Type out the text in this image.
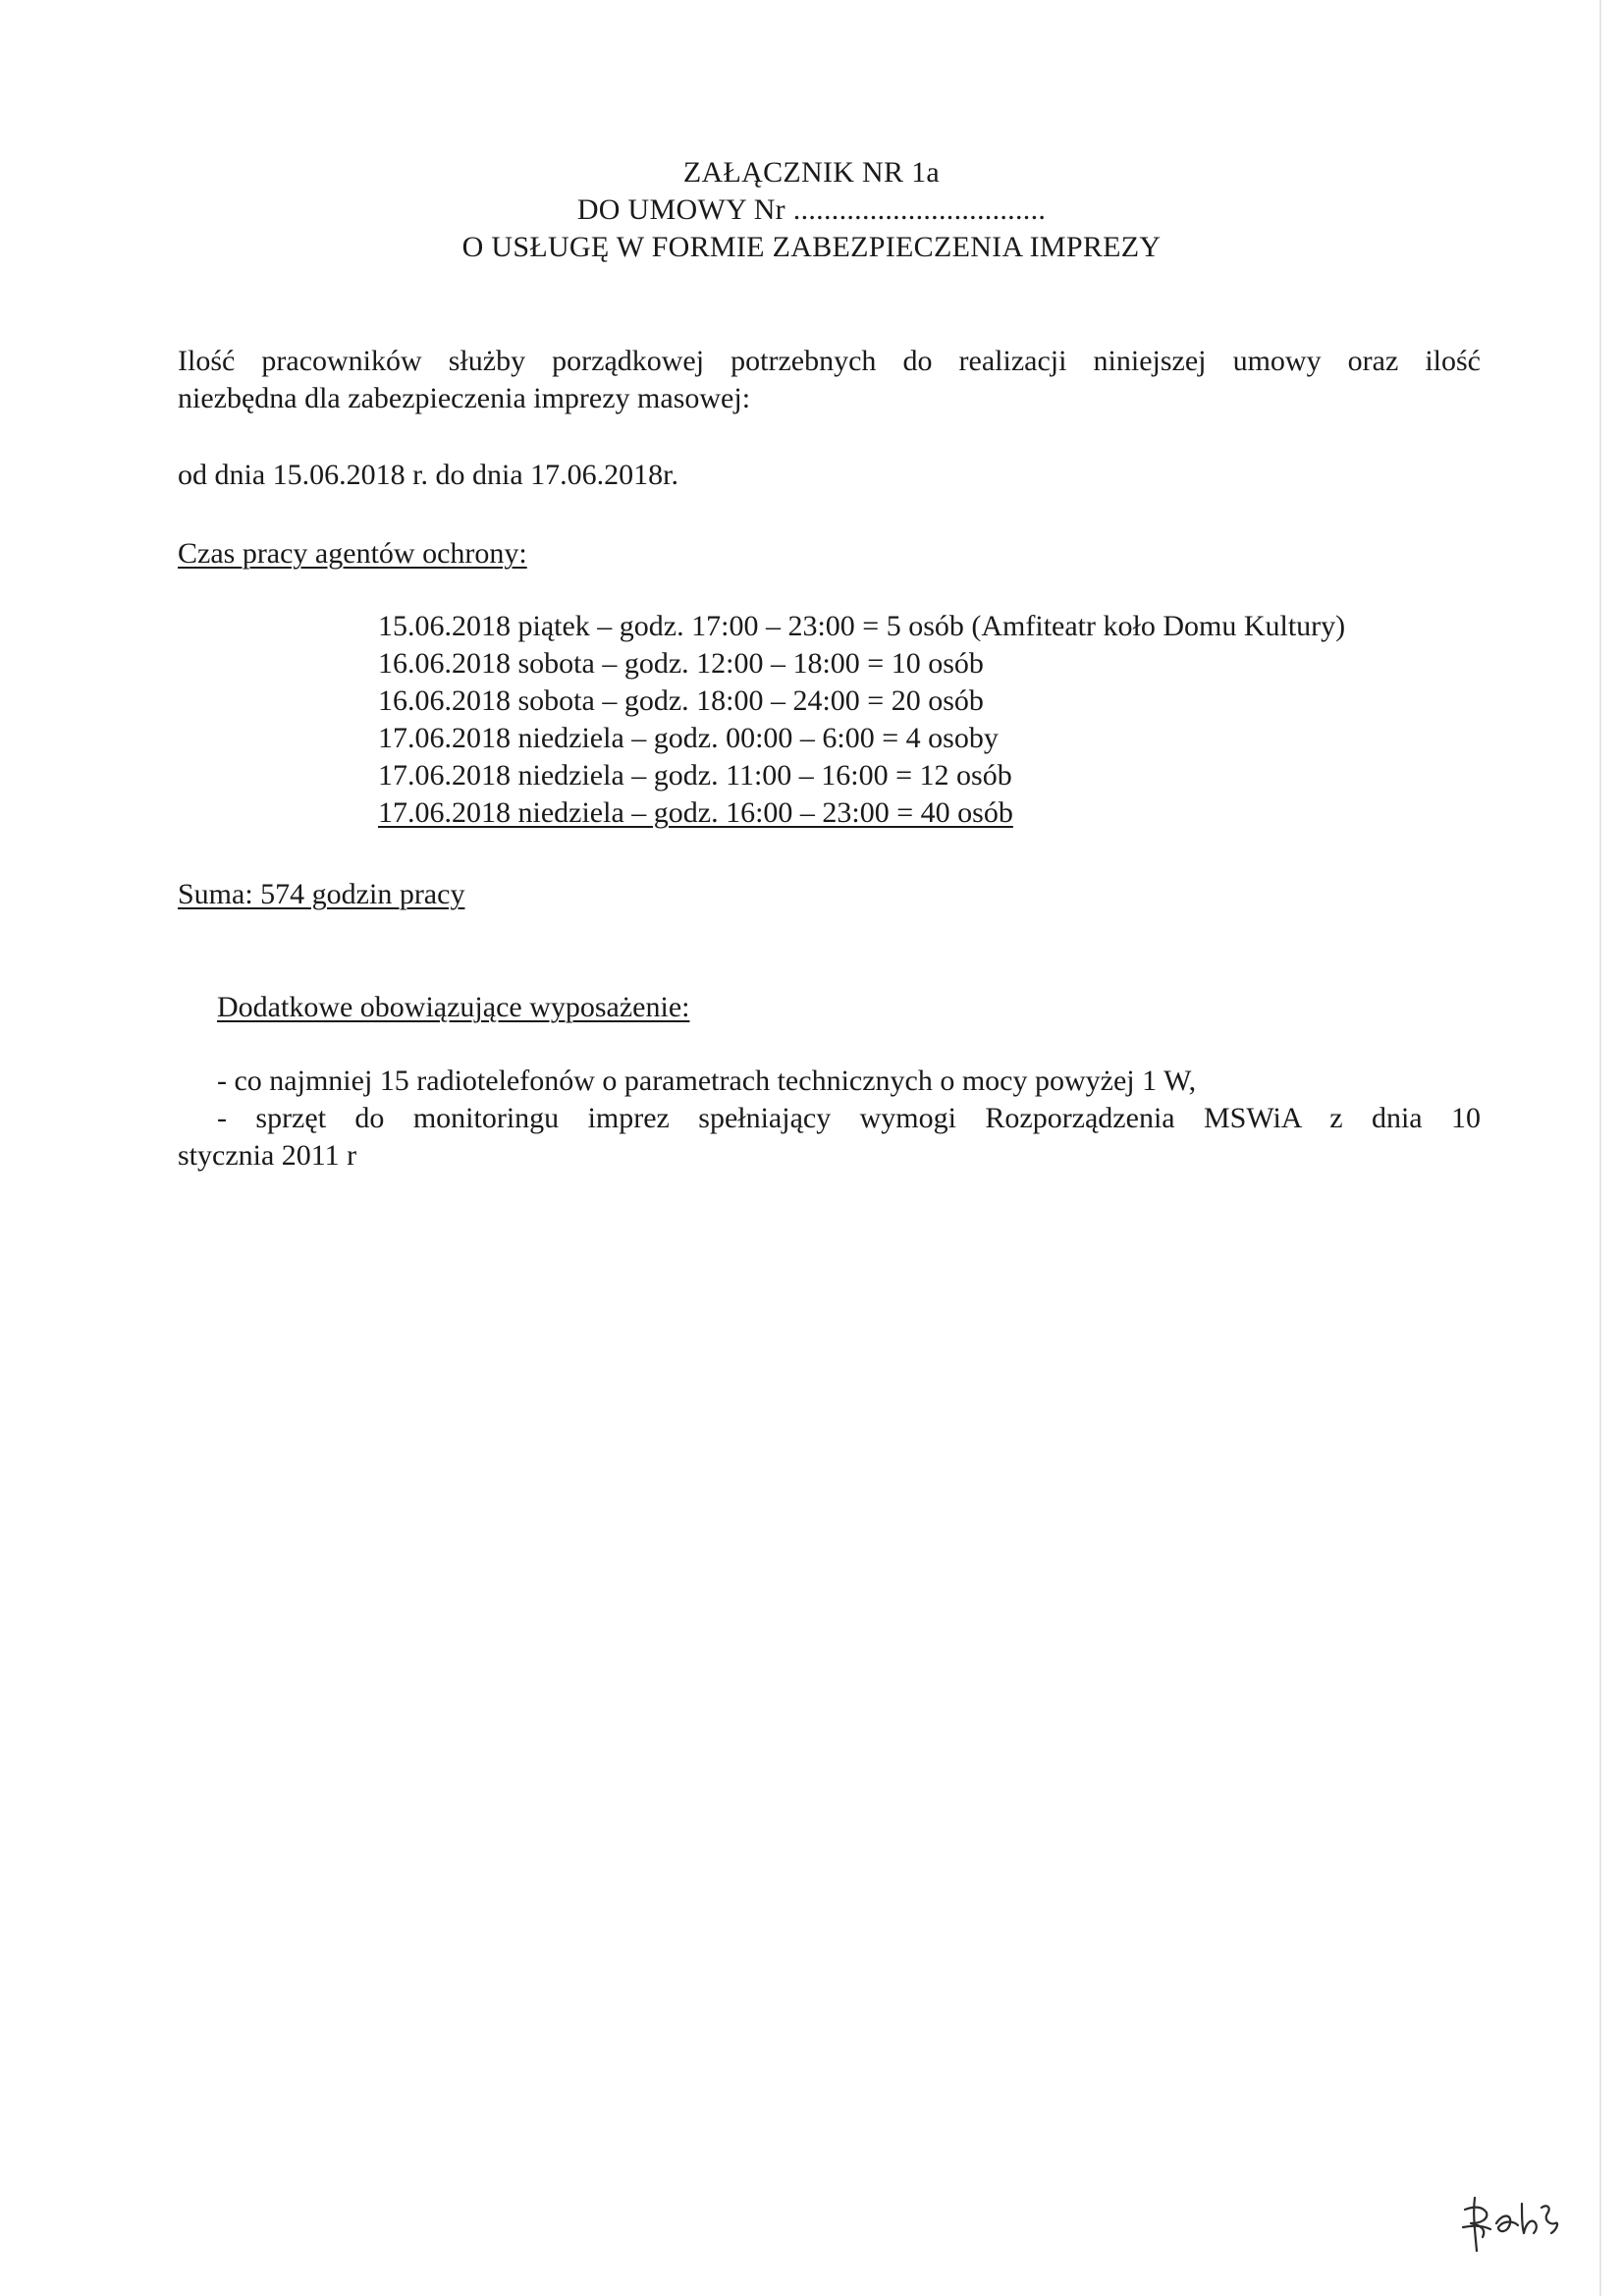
ZAŁĄCZNIK NR 1a

DO UMOWY Nr .................................

O USŁUGĘ W FORMIE ZABEZPIECZENIA IMPREZY

Ilość pracowników służby porządkowej potrzebnych do realizacji niniejszej umowy oraz ilość

niezbędna dla zabezpieczenia imprezy masowej:

od dnia 15.06.2018 r. do dnia 17.06.2018r.

Czas pracy agentów ochrony:

15.06.2018 piątek – godz. 17:00 – 23:00 = 5 osób (Amfiteatr koło Domu Kultury)

16.06.2018 sobota – godz. 12:00 – 18:00 = 10 osób

16.06.2018 sobota – godz. 18:00 – 24:00 = 20 osób

17.06.2018 niedziela – godz. 00:00 – 6:00 = 4 osoby

17.06.2018 niedziela – godz. 11:00 – 16:00 = 12 osób

17.06.2018 niedziela – godz. 16:00 – 23:00 = 40 osób

Suma: 574 godzin pracy

Dodatkowe obowiązujące wyposażenie:

- co najmniej 15 radiotelefonów o parametrach technicznych o mocy powyżej 1 W,

- sprzęt do monitoringu imprez spełniający wymogi Rozporządzenia MSWiA z dnia 10

stycznia 2011 r
